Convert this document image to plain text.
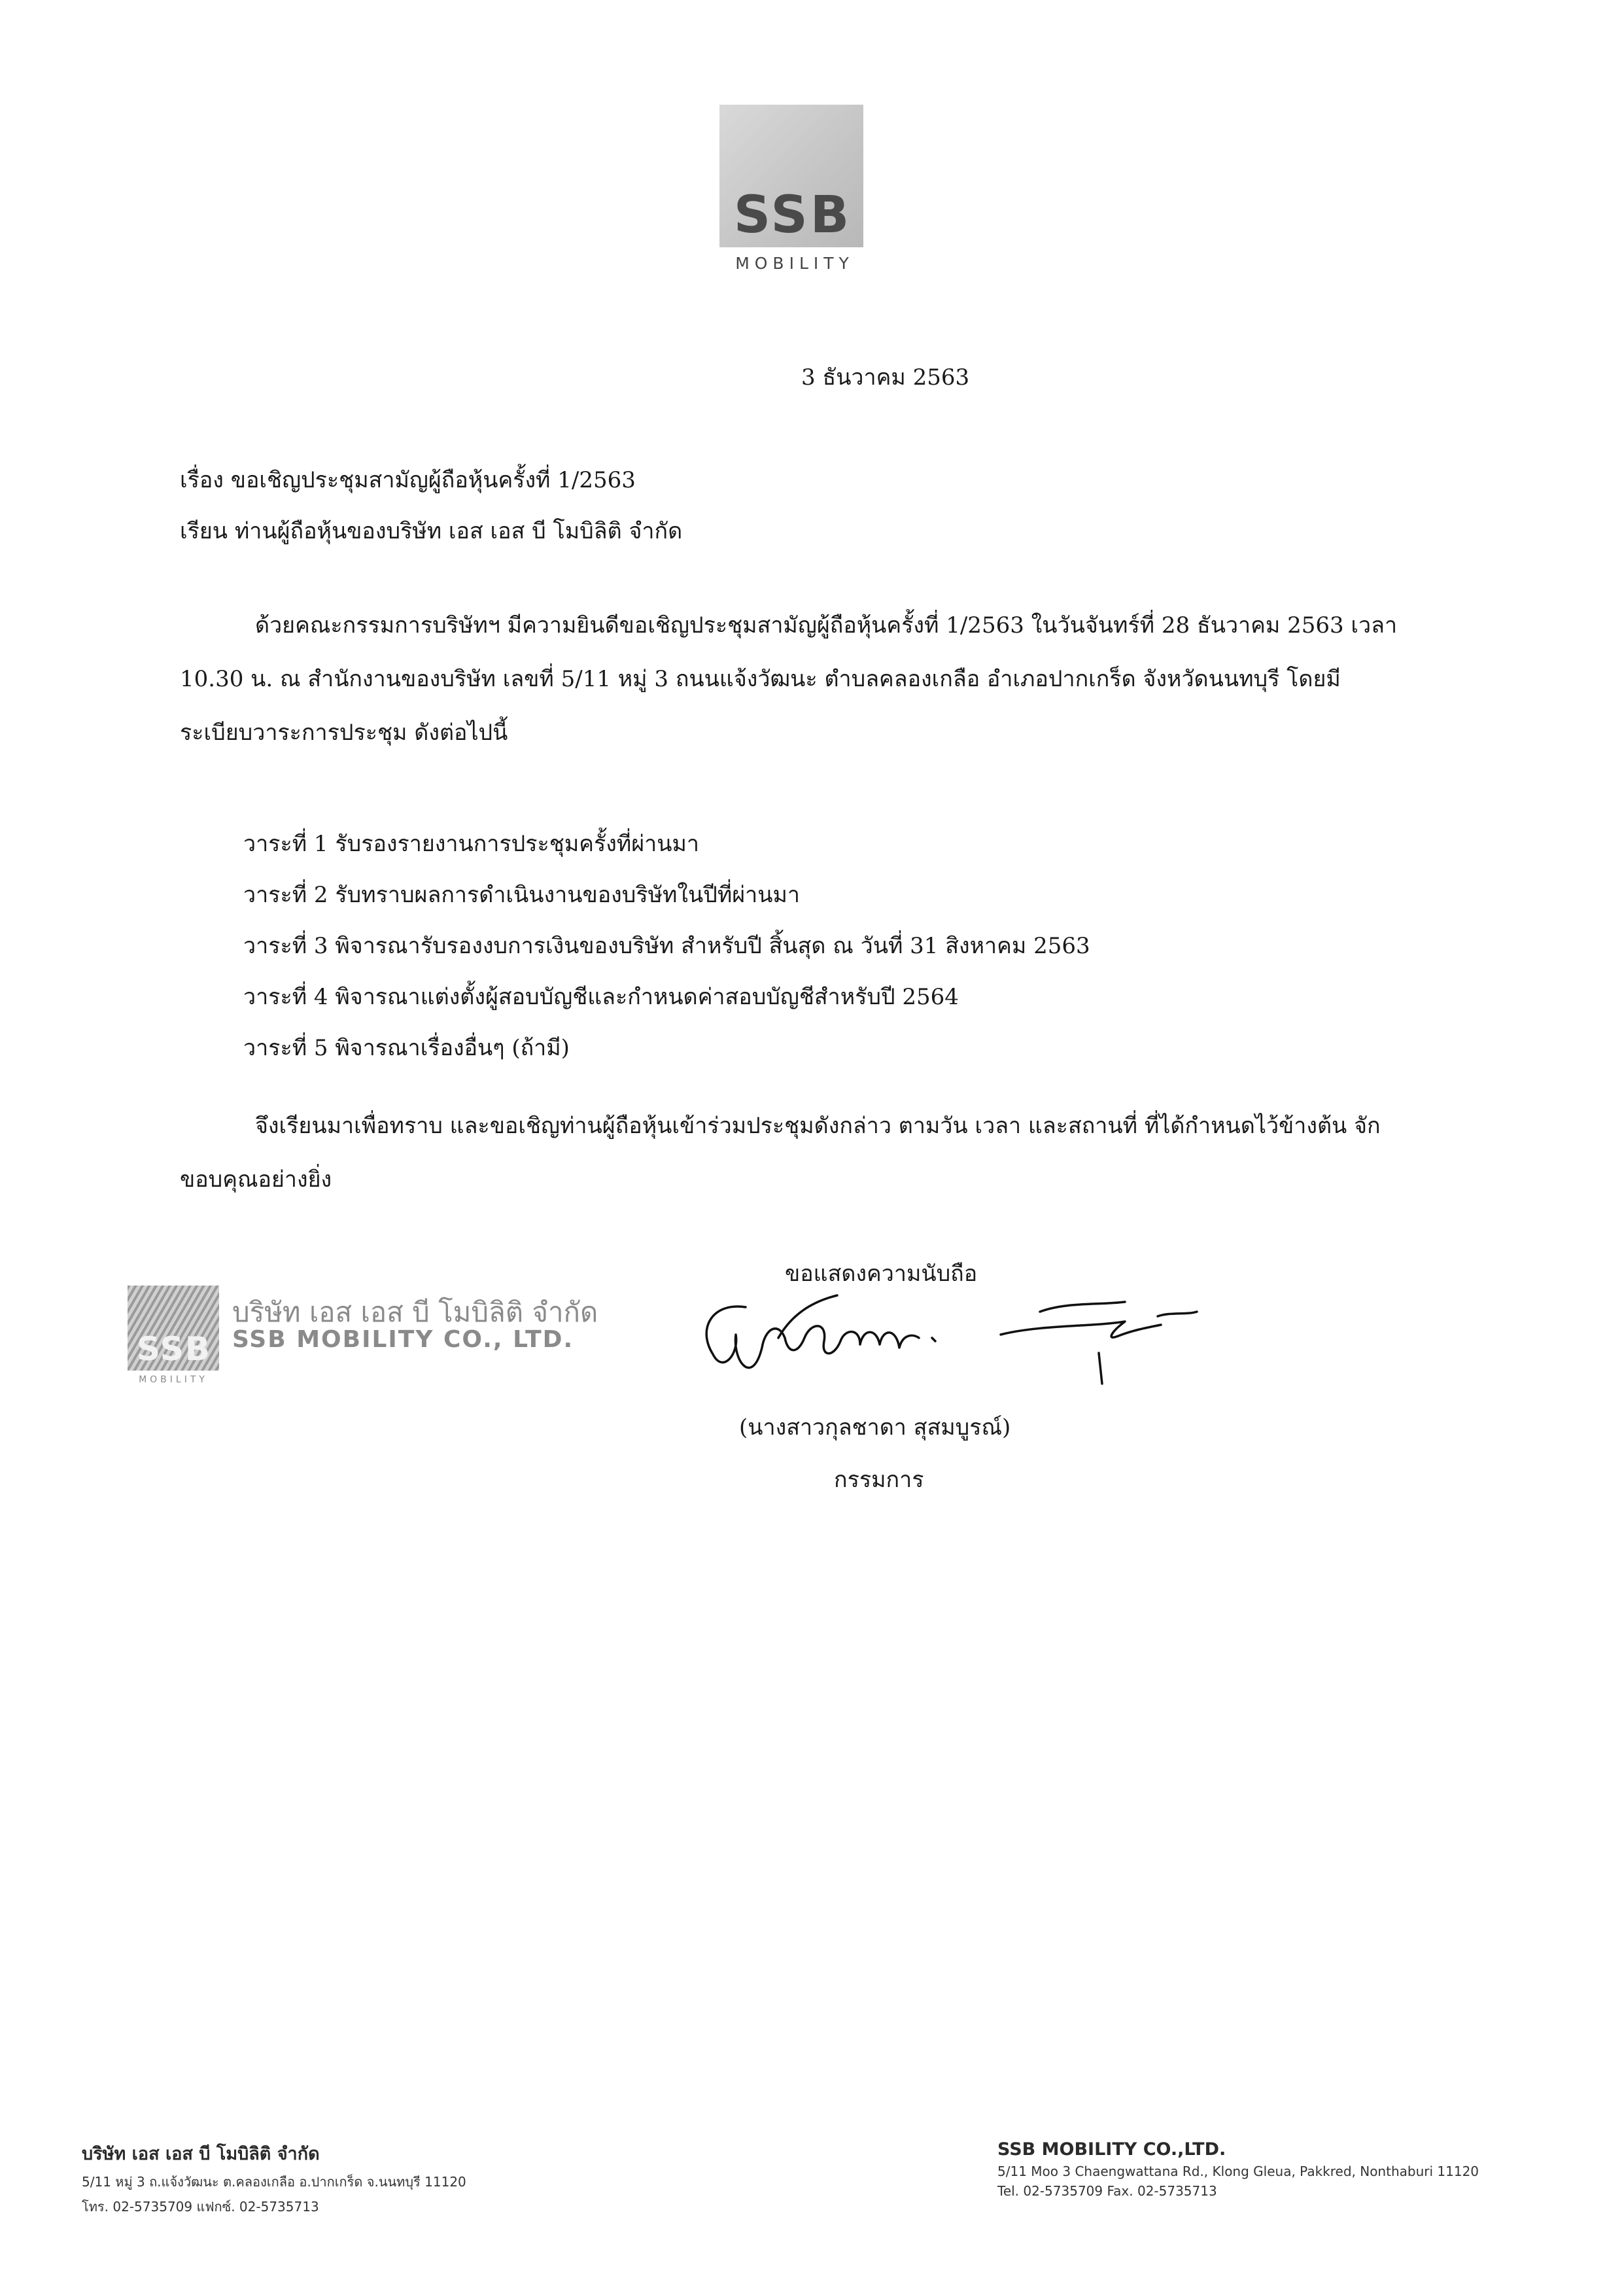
SSB
MOBILITY
3 ธันวาคม 2563
เรื่อง ขอเชิญประชุมสามัญผู้ถือหุ้นครั้งที่ 1/2563
เรียน ท่านผู้ถือหุ้นของบริษัท เอส เอส บี โมบิลิติ จำกัด
ด้วยคณะกรรมการบริษัทฯ มีความยินดีขอเชิญประชุมสามัญผู้ถือหุ้นครั้งที่ 1/2563 ในวันจันทร์ที่ 28 ธันวาคม 2563 เวลา 10.30 น. ณ สำนักงานของบริษัท เลขที่ 5/11 หมู่ 3 ถนนแจ้งวัฒนะ ตำบลคลองเกลือ อำเภอปากเกร็ด จังหวัดนนทบุรี โดยมีระเบียบวาระการประชุม ดังต่อไปนี้
วาระที่ 1 รับรองรายงานการประชุมครั้งที่ผ่านมา
วาระที่ 2 รับทราบผลการดำเนินงานของบริษัทในปีที่ผ่านมา
วาระที่ 3 พิจารณารับรองงบการเงินของบริษัท สำหรับปี สิ้นสุด ณ วันที่ 31 สิงหาคม 2563
วาระที่ 4 พิจารณาแต่งตั้งผู้สอบบัญชีและกำหนดค่าสอบบัญชีสำหรับปี 2564
วาระที่ 5 พิจารณาเรื่องอื่นๆ (ถ้ามี)
จึงเรียนมาเพื่อทราบ และขอเชิญท่านผู้ถือหุ้นเข้าร่วมประชุมดังกล่าว ตามวัน เวลา และสถานที่ ที่ได้กำหนดไว้ข้างต้น จักขอบคุณอย่างยิ่ง
SSB
MOBILITY
บริษัท เอส เอส บี โมบิลิติ จำกัด
SSB MOBILITY CO., LTD.
ขอแสดงความนับถือ
(นางสาวกุลชาดา สุสมบูรณ์)
กรรมการ
บริษัท เอส เอส บี โมบิลิติ จำกัด
5/11 หมู่ 3 ถ.แจ้งวัฒนะ ต.คลองเกลือ อ.ปากเกร็ด จ.นนทบุรี 11120
โทร. 02-5735709 แฟกซ์. 02-5735713
SSB MOBILITY CO.,LTD.
5/11 Moo 3 Chaengwattana Rd., Klong Gleua, Pakkred, Nonthaburi 11120
Tel. 02-5735709 Fax. 02-5735713
